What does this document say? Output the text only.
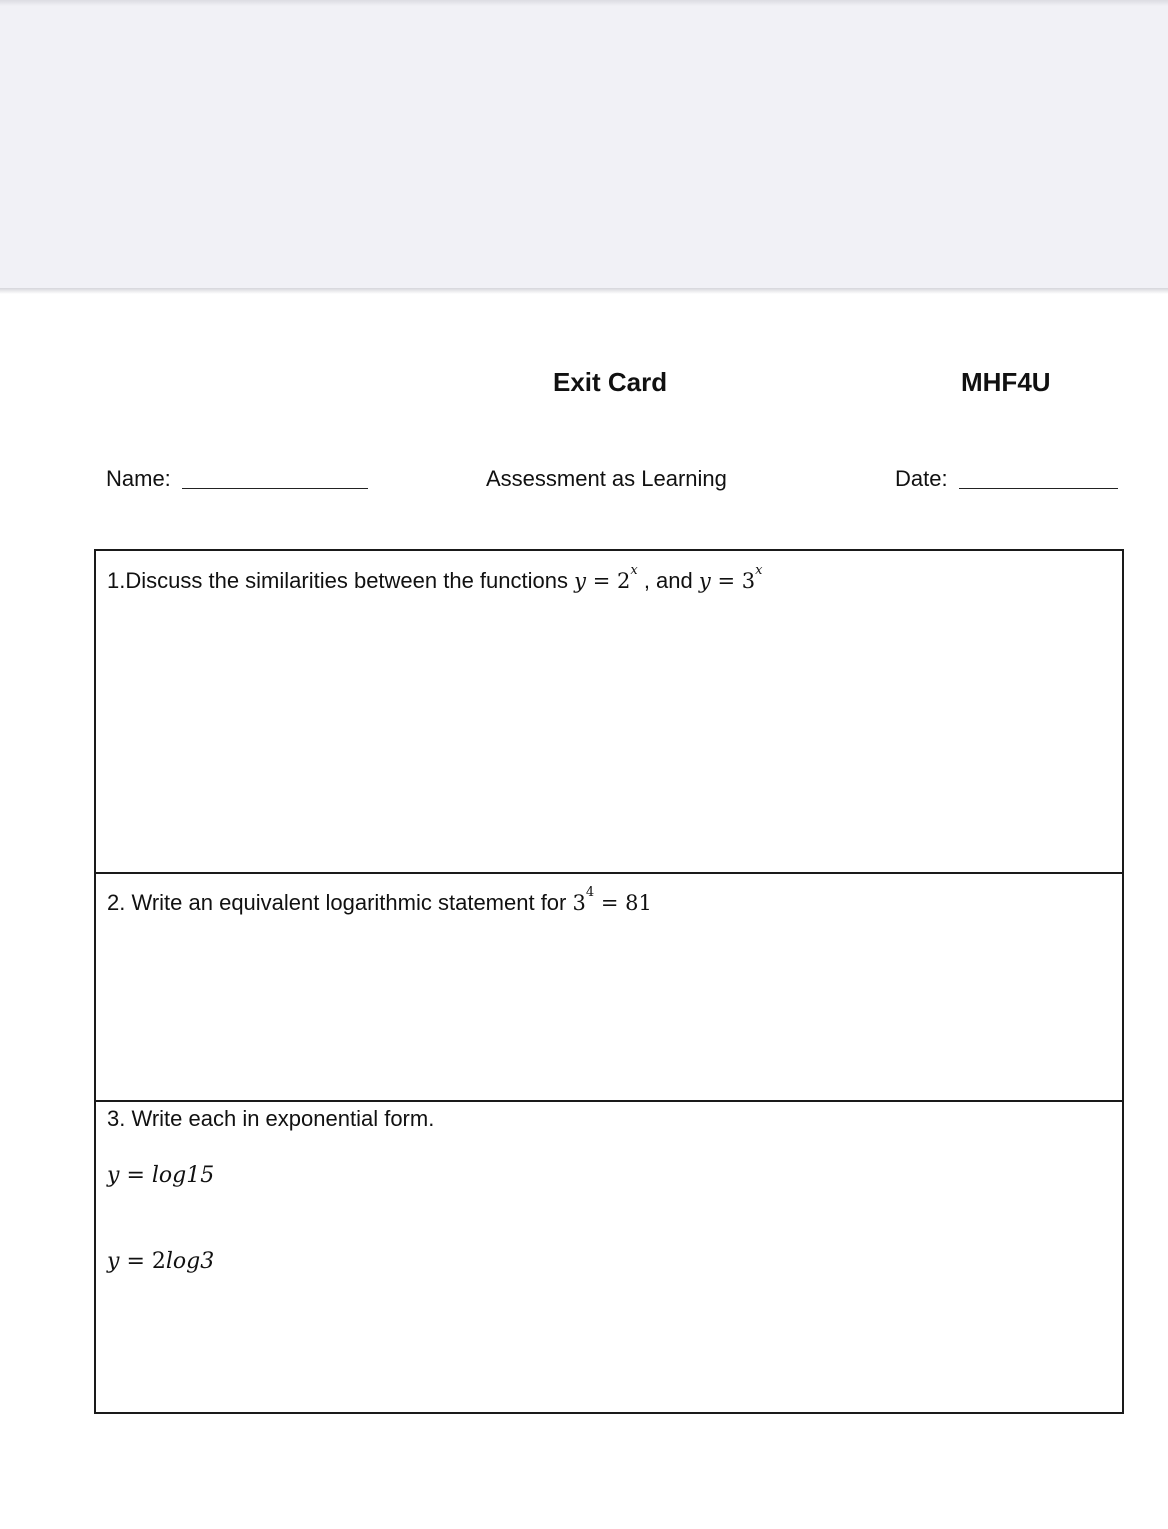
Exit Card	MHF4U
Name:	Assessment as Learning	Date:
1.Discuss the similarities between the functions $y = 2^x$ , and $y = 3^x$
2. Write an equivalent logarithmic statement for $3^4 = 81$
3. Write each in exponential form.
y = log15
y = 2log3
